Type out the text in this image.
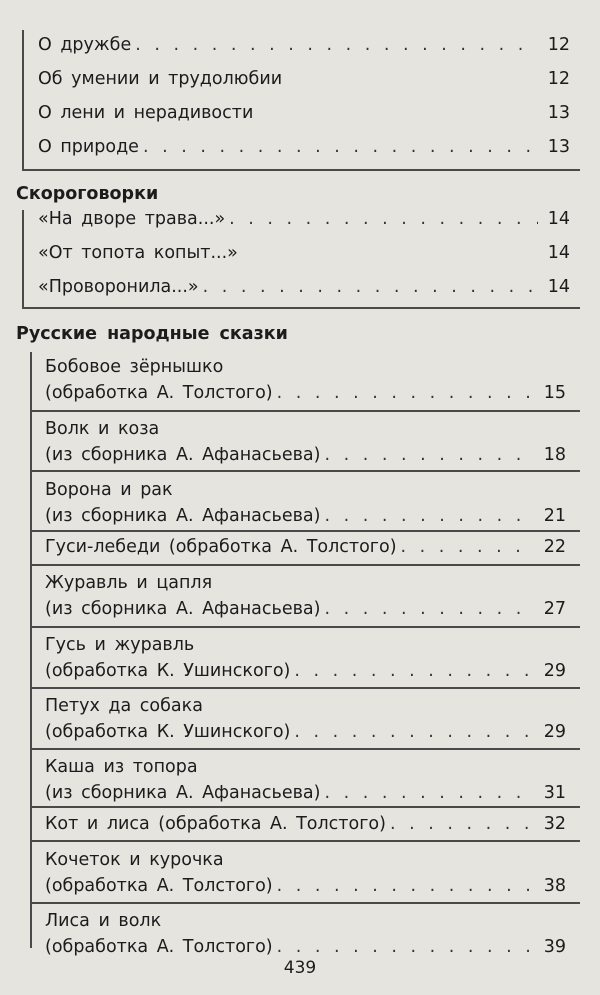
О дружбе . . .	12
Об умении и трудолюбии	12
О лени и нерадивости	13
О природе . . .	13
Скороговорки
«На дворе трава...» . . .	14
«От топота копыт...»	14
«Проворонила...» . . .	14
Русские народные сказки
Бобовое зёрнышко
(обработка А. Толстого) . . .	15
Волк и коза
(из сборника А. Афанасьева) . . .	18
Ворона и рак
(из сборника А. Афанасьева) . . .	21
Гуси-лебеди (обработка А. Толстого) . . .	22
Журавль и цапля
(из сборника А. Афанасьева) . . .	27
Гусь и журавль
(обработка К. Ушинского) . . .	29
Петух да собака
(обработка К. Ушинского) . . .	29
Каша из топора
(из сборника А. Афанасьева) . . .	31
Кот и лиса (обработка А. Толстого) . . .	32
Кочеток и курочка
(обработка А. Толстого) . . .	38
Лиса и волк
(обработка А. Толстого) . . .	39
439
